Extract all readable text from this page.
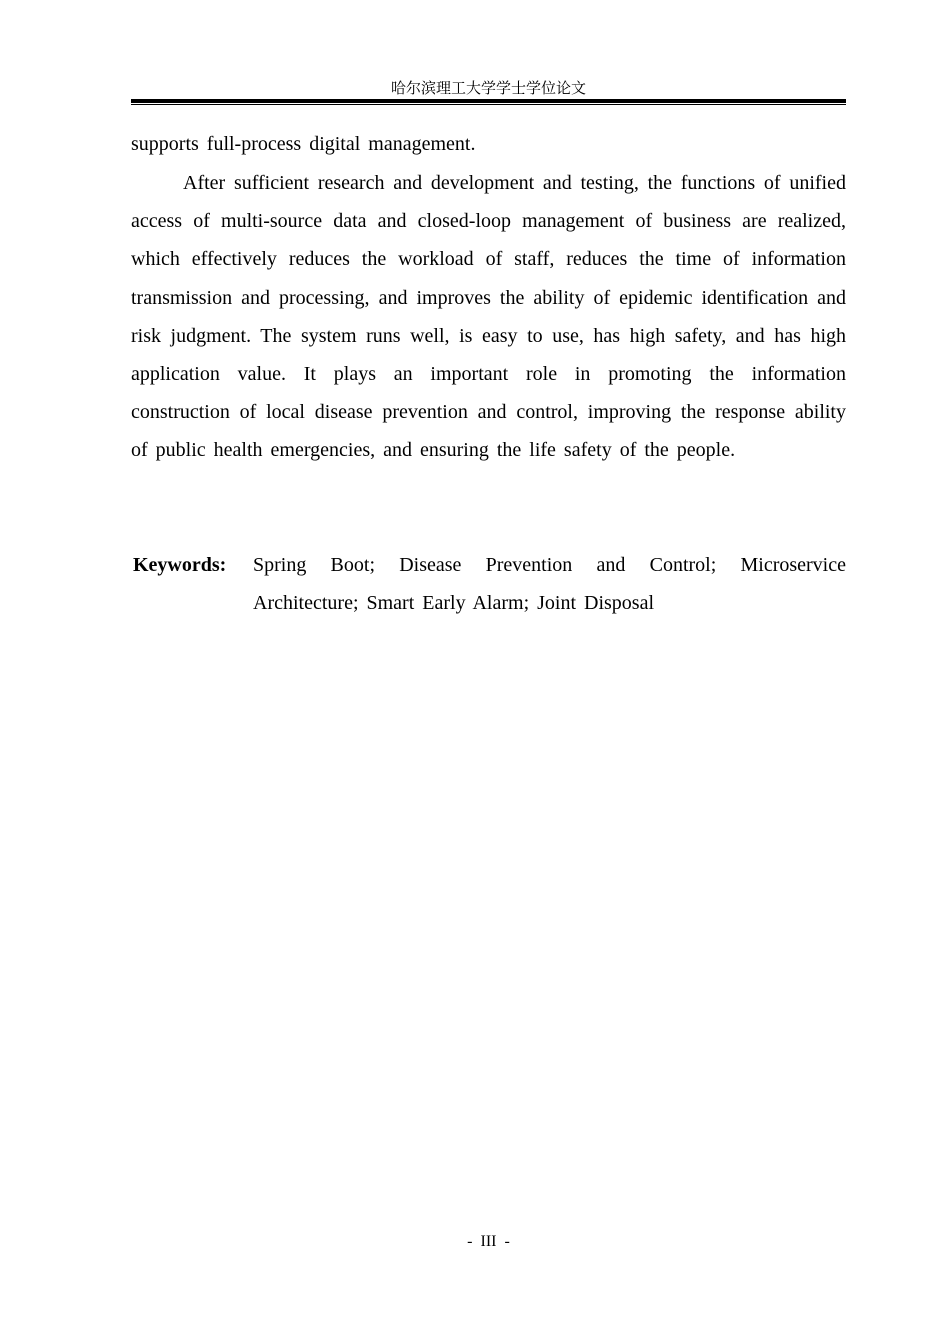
哈尔滨理工大学学士学位论文
supports full-process digital management.
After sufficient research and development and testing, the functions of unified access of multi-source data and closed-loop management of business are realized, which effectively reduces the workload of staff, reduces the time of information transmission and processing, and improves the ability of epidemic identification and risk judgment. The system runs well, is easy to use, has high safety, and has high application value. It plays an important role in promoting the information construction of local disease prevention and control, improving the response ability of public health emergencies, and ensuring the life safety of the people.
Keywords:	Spring Boot; Disease Prevention and Control; Microservice Architecture; Smart Early Alarm; Joint Disposal
- III -
